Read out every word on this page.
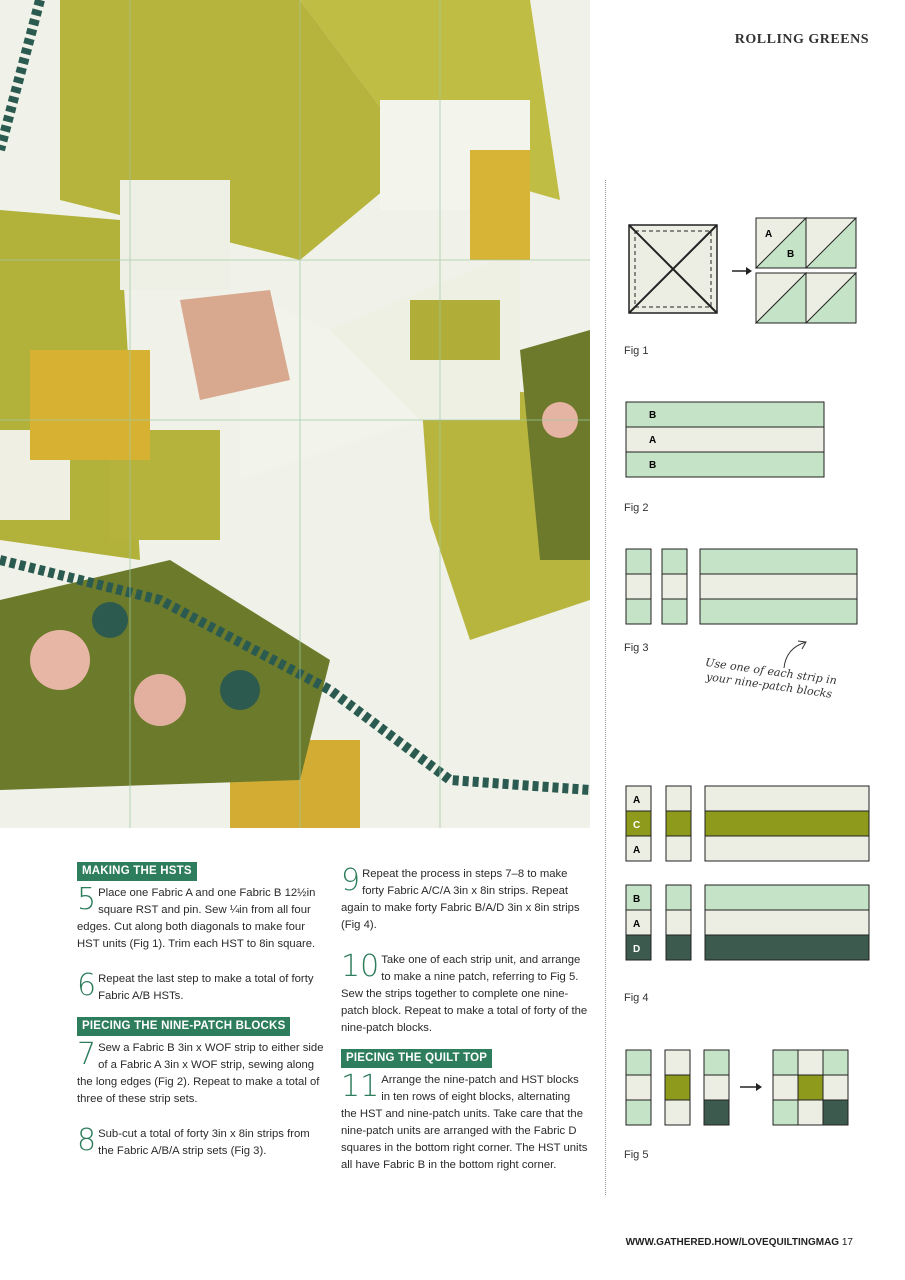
ROLLING GREENS
MAKING THE HSTS
5 Place one Fabric A and one Fabric B 12½in square RST and pin. Sew ¼in from all four edges. Cut along both diagonals to make four HST units (Fig 1). Trim each HST to 8in square.
6 Repeat the last step to make a total of forty Fabric A/B HSTs.
PIECING THE NINE-PATCH BLOCKS
7 Sew a Fabric B 3in x WOF strip to either side of a Fabric A 3in x WOF strip, sewing along the long edges (Fig 2). Repeat to make a total of three of these strip sets.
8 Sub-cut a total of forty 3in x 8in strips from the Fabric A/B/A strip sets (Fig 3).
9 Repeat the process in steps 7–8 to make forty Fabric A/C/A 3in x 8in strips. Repeat again to make forty Fabric B/A/D 3in x 8in strips (Fig 4).
10 Take one of each strip unit, and arrange to make a nine patch, referring to Fig 5. Sew the strips together to complete one nine-patch block. Repeat to make a total of forty of the nine-patch blocks.
PIECING THE QUILT TOP
11 Arrange the nine-patch and HST blocks in ten rows of eight blocks, alternating the HST and nine-patch units. Take care that the nine-patch units are arranged with the Fabric D squares in the bottom right corner. The HST units all have Fabric B in the bottom right corner.
A
B
Fig 1
B
A
B
Fig 2
Fig 3
Use one of each strip in your nine-patch blocks
A
C
A
B
A
D
Fig 4
Fig 5
WWW.GATHERED.HOW/LOVEQUILTINGMAG 17
